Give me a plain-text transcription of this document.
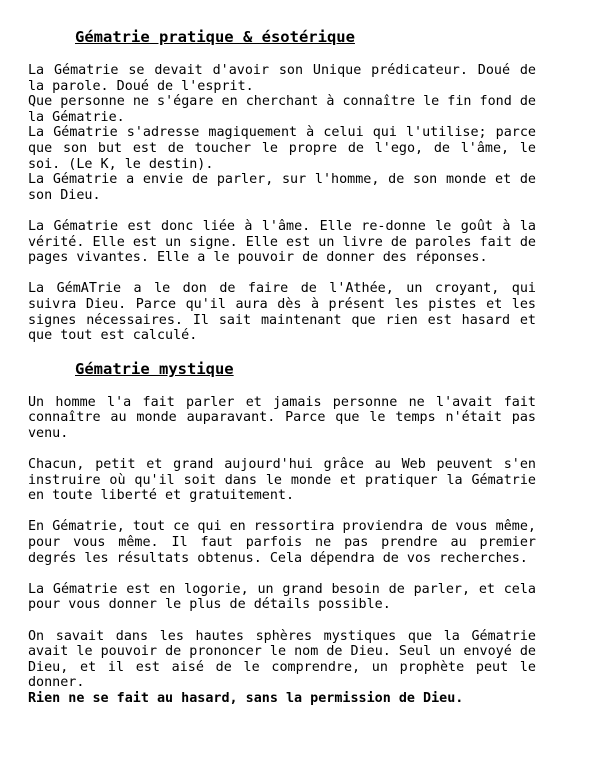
Gématrie pratique & ésotérique

La Gématrie se devait d'avoir son Unique prédicateur. Doué de la parole. Doué de l'esprit.

Que personne ne s'égare en cherchant à connaître le fin fond de la Gématrie.

La Gématrie s'adresse magiquement à celui qui l'utilise; parce que son but est de toucher le propre de l'ego, de l'âme, le soi. (Le K, le destin).

La Gématrie a envie de parler, sur l'homme, de son monde et de son Dieu.

La Gématrie est donc liée à l'âme. Elle re-donne le goût à la vérité. Elle est un signe. Elle est un livre de paroles fait de pages vivantes. Elle a le pouvoir de donner des réponses.

La GémATrie a le don de faire de l'Athée, un croyant, qui suivra Dieu. Parce qu'il aura dès à présent les pistes et les signes nécessaires. Il sait maintenant que rien est hasard et que tout est calculé.

Gématrie mystique

Un homme l'a fait parler et jamais personne ne l'avait fait connaître au monde auparavant. Parce que le temps n'était pas venu.

Chacun, petit et grand aujourd'hui grâce au Web peuvent s'en instruire où qu'il soit dans le monde et pratiquer la Gématrie en toute liberté et gratuitement.

En Gématrie, tout ce qui en ressortira proviendra de vous même, pour vous même. Il faut parfois ne pas prendre au premier degrés les résultats obtenus. Cela dépendra de vos recherches.

La Gématrie est en logorie, un grand besoin de parler, et cela pour vous donner le plus de détails possible.

On savait dans les hautes sphères mystiques que la Gématrie avait le pouvoir de prononcer le nom de Dieu. Seul un envoyé de Dieu, et il est aisé de le comprendre, un prophète peut le donner.

Rien ne se fait au hasard, sans la permission de Dieu.
